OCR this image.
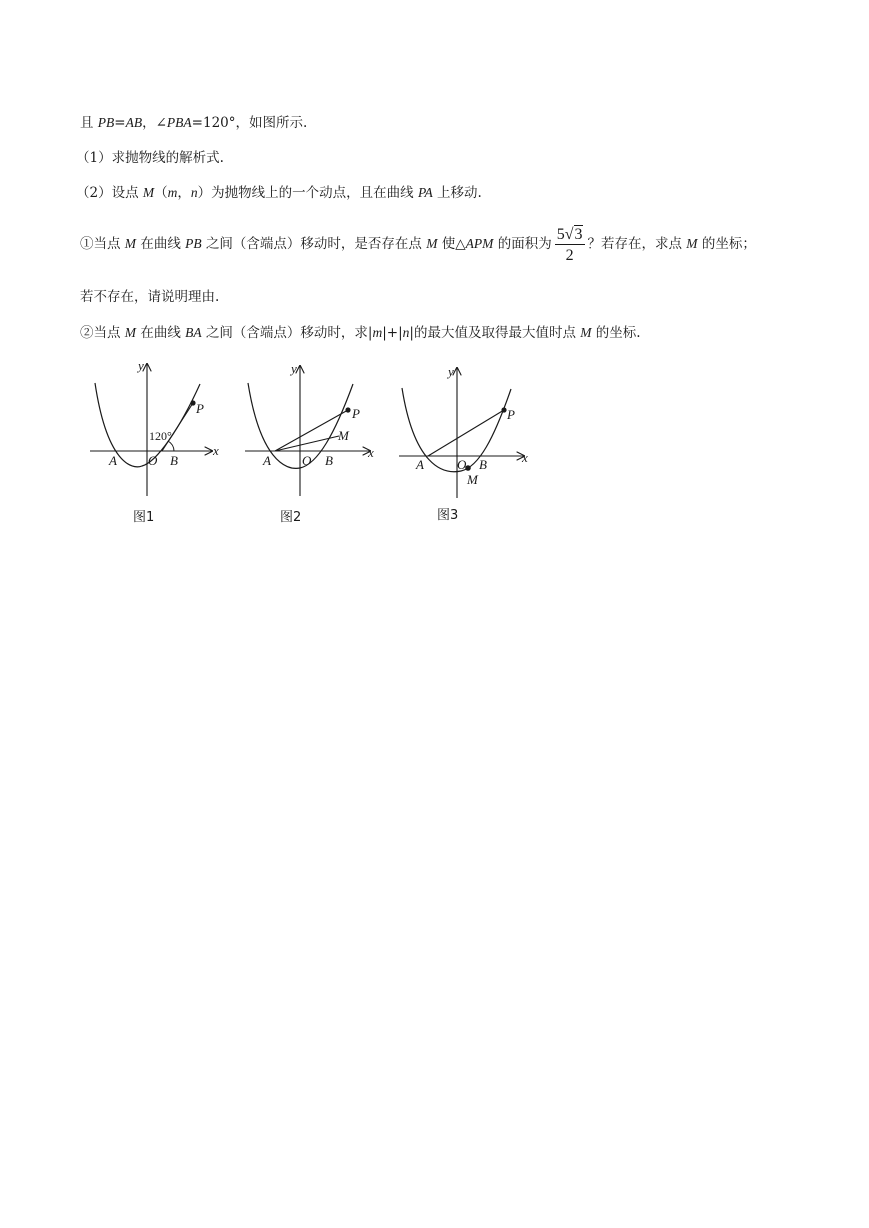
且 PB=AB，∠PBA=120°，如图所示.
（1）求抛物线的解析式.
（2）设点 M（m，n）为抛物线上的一个动点，且在曲线 PA 上移动.
①当点 M 在曲线 PB 之间（含端点）移动时，是否存在点 M 使△APM 的面积为 $\frac{5√3}{2}$ ？若存在，求点 M 的坐标；
若不存在，请说明理由.
②当点 M 在曲线 BA 之间（含端点）移动时，求|m|+|n|的最大值及取得最大值时点 M 的坐标.
P
120°
A O B
x
y
图1
P
M
A O B
x
y
图2
P
M
A	O B	x
y
图3
